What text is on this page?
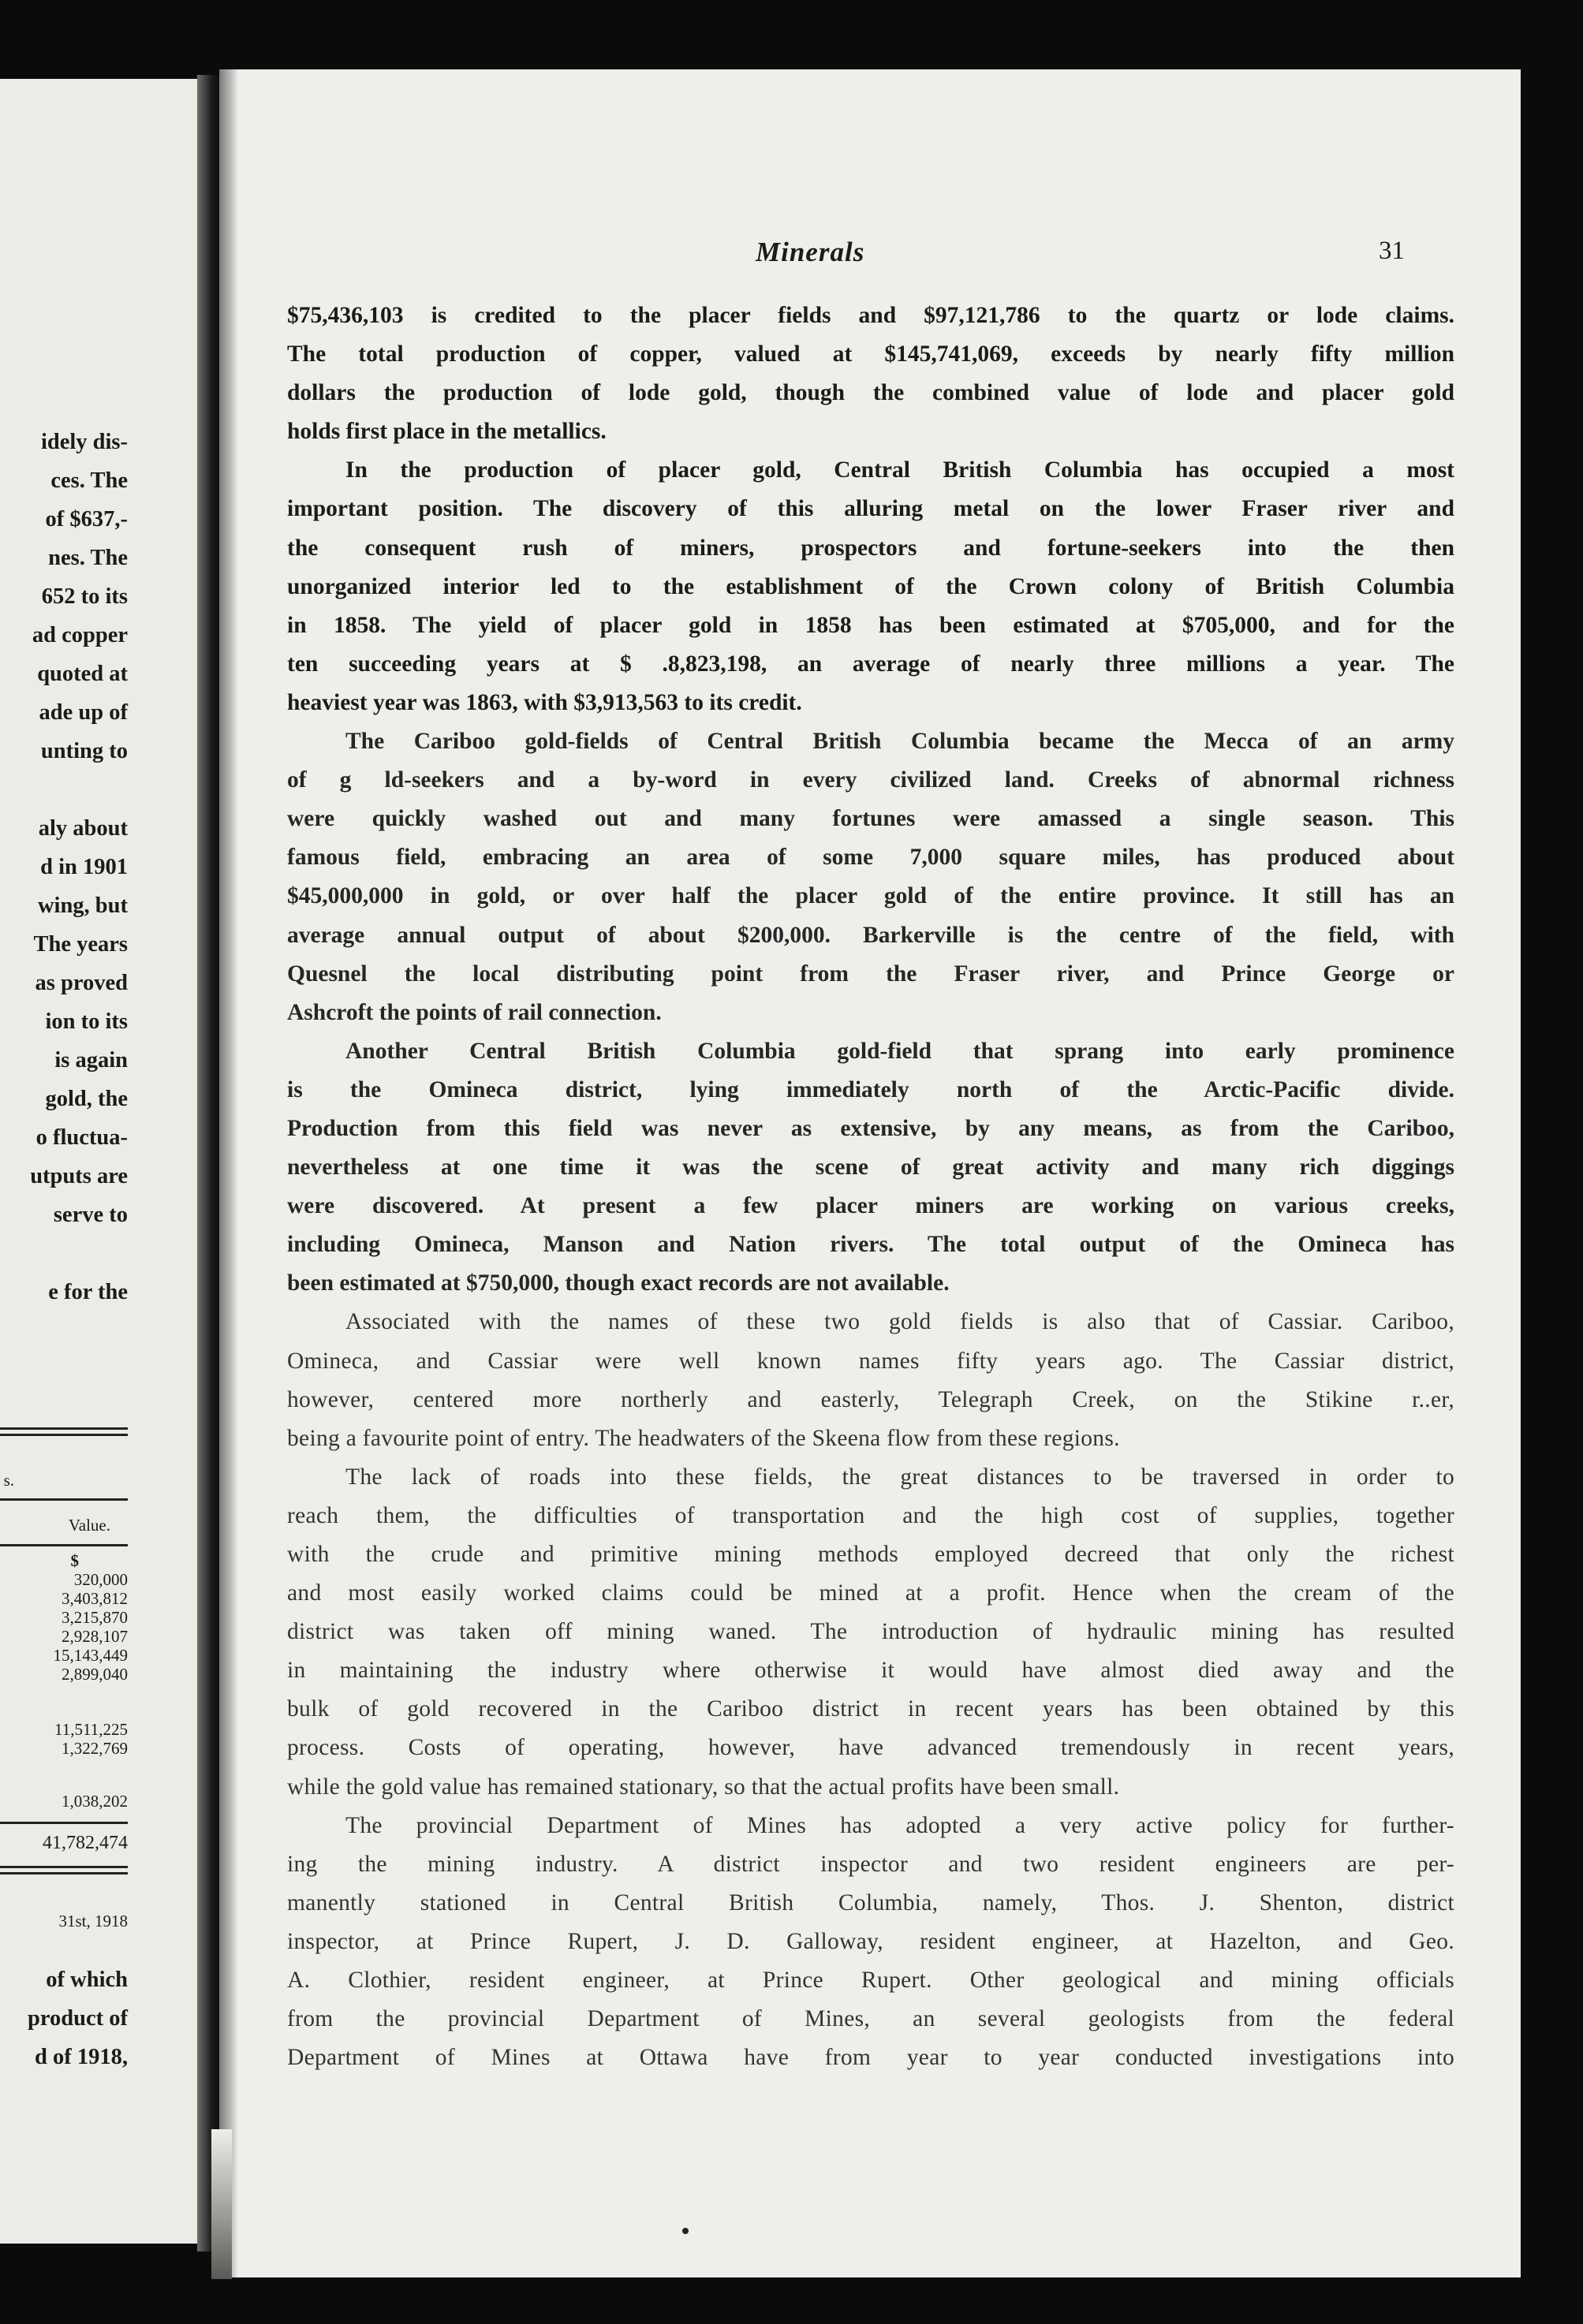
idely dis-
ces. The
of $637,-
nes. The
652 to its
ad copper
quoted at
ade up of
unting to
aly about
d in 1901
wing, but
The years
as proved
ion to its
is again
gold, the
o fluctua-
utputs are
serve to
e for the
s.
Value.
$
320,000
3,403,812
3,215,870
2,928,107
15,143,449
2,899,040
11,511,225
1,322,769
1,038,202
41,782,474
31st, 1918
of which
product of
d of 1918,
Minerals	31
$75,436,103 is credited to the placer fields and $97,121,786 to the quartz or lode claims.
The total production of copper, valued at $145,741,069, exceeds by nearly fifty million
dollars the production of lode gold, though the combined value of lode and placer gold
holds first place in the metallics.
In the production of placer gold, Central British Columbia has occupied a most
important position. The discovery of this alluring metal on the lower Fraser river and
the consequent rush of miners, prospectors and fortune-seekers into the then
unorganized interior led to the establishment of the Crown colony of British Columbia
in 1858. The yield of placer gold in 1858 has been estimated at $705,000, and for the
ten succeeding years at $ .8,823,198, an average of nearly three millions a year. The
heaviest year was 1863, with $3,913,563 to its credit.
The Cariboo gold-fields of Central British Columbia became the Mecca of an army
of g ld-seekers and a by-word in every civilized land. Creeks of abnormal richness
were quickly washed out and many fortunes were amassed a single season. This
famous field, embracing an area of some 7,000 square miles, has produced about
$45,000,000 in gold, or over half the placer gold of the entire province. It still has an
average annual output of about $200,000. Barkerville is the centre of the field, with
Quesnel the local distributing point from the Fraser river, and Prince George or
Ashcroft the points of rail connection.
Another Central British Columbia gold-field that sprang into early prominence
is the Omineca district, lying immediately north of the Arctic-Pacific divide.
Production from this field was never as extensive, by any means, as from the Cariboo,
nevertheless at one time it was the scene of great activity and many rich diggings
were discovered. At present a few placer miners are working on various creeks,
including Omineca, Manson and Nation rivers. The total output of the Omineca has
been estimated at $750,000, though exact records are not available.
Associated with the names of these two gold fields is also that of Cassiar. Cariboo,
Omineca, and Cassiar were well known names fifty years ago. The Cassiar district,
however, centered more northerly and easterly, Telegraph Creek, on the Stikine r..er,
being a favourite point of entry. The headwaters of the Skeena flow from these regions.
The lack of roads into these fields, the great distances to be traversed in order to
reach them, the difficulties of transportation and the high cost of supplies, together
with the crude and primitive mining methods employed decreed that only the richest
and most easily worked claims could be mined at a profit. Hence when the cream of the
district was taken off mining waned. The introduction of hydraulic mining has resulted
in maintaining the industry where otherwise it would have almost died away and the
bulk of gold recovered in the Cariboo district in recent years has been obtained by this
process. Costs of operating, however, have advanced tremendously in recent years,
while the gold value has remained stationary, so that the actual profits have been small.
The provincial Department of Mines has adopted a very active policy for further-
ing the mining industry. A district inspector and two resident engineers are per-
manently stationed in Central British Columbia, namely, Thos. J. Shenton, district
inspector, at Prince Rupert, J. D. Galloway, resident engineer, at Hazelton, and Geo.
A. Clothier, resident engineer, at Prince Rupert. Other geological and mining officials
from the provincial Department of Mines, an several geologists from the federal
Department of Mines at Ottawa have from year to year conducted investigations into
